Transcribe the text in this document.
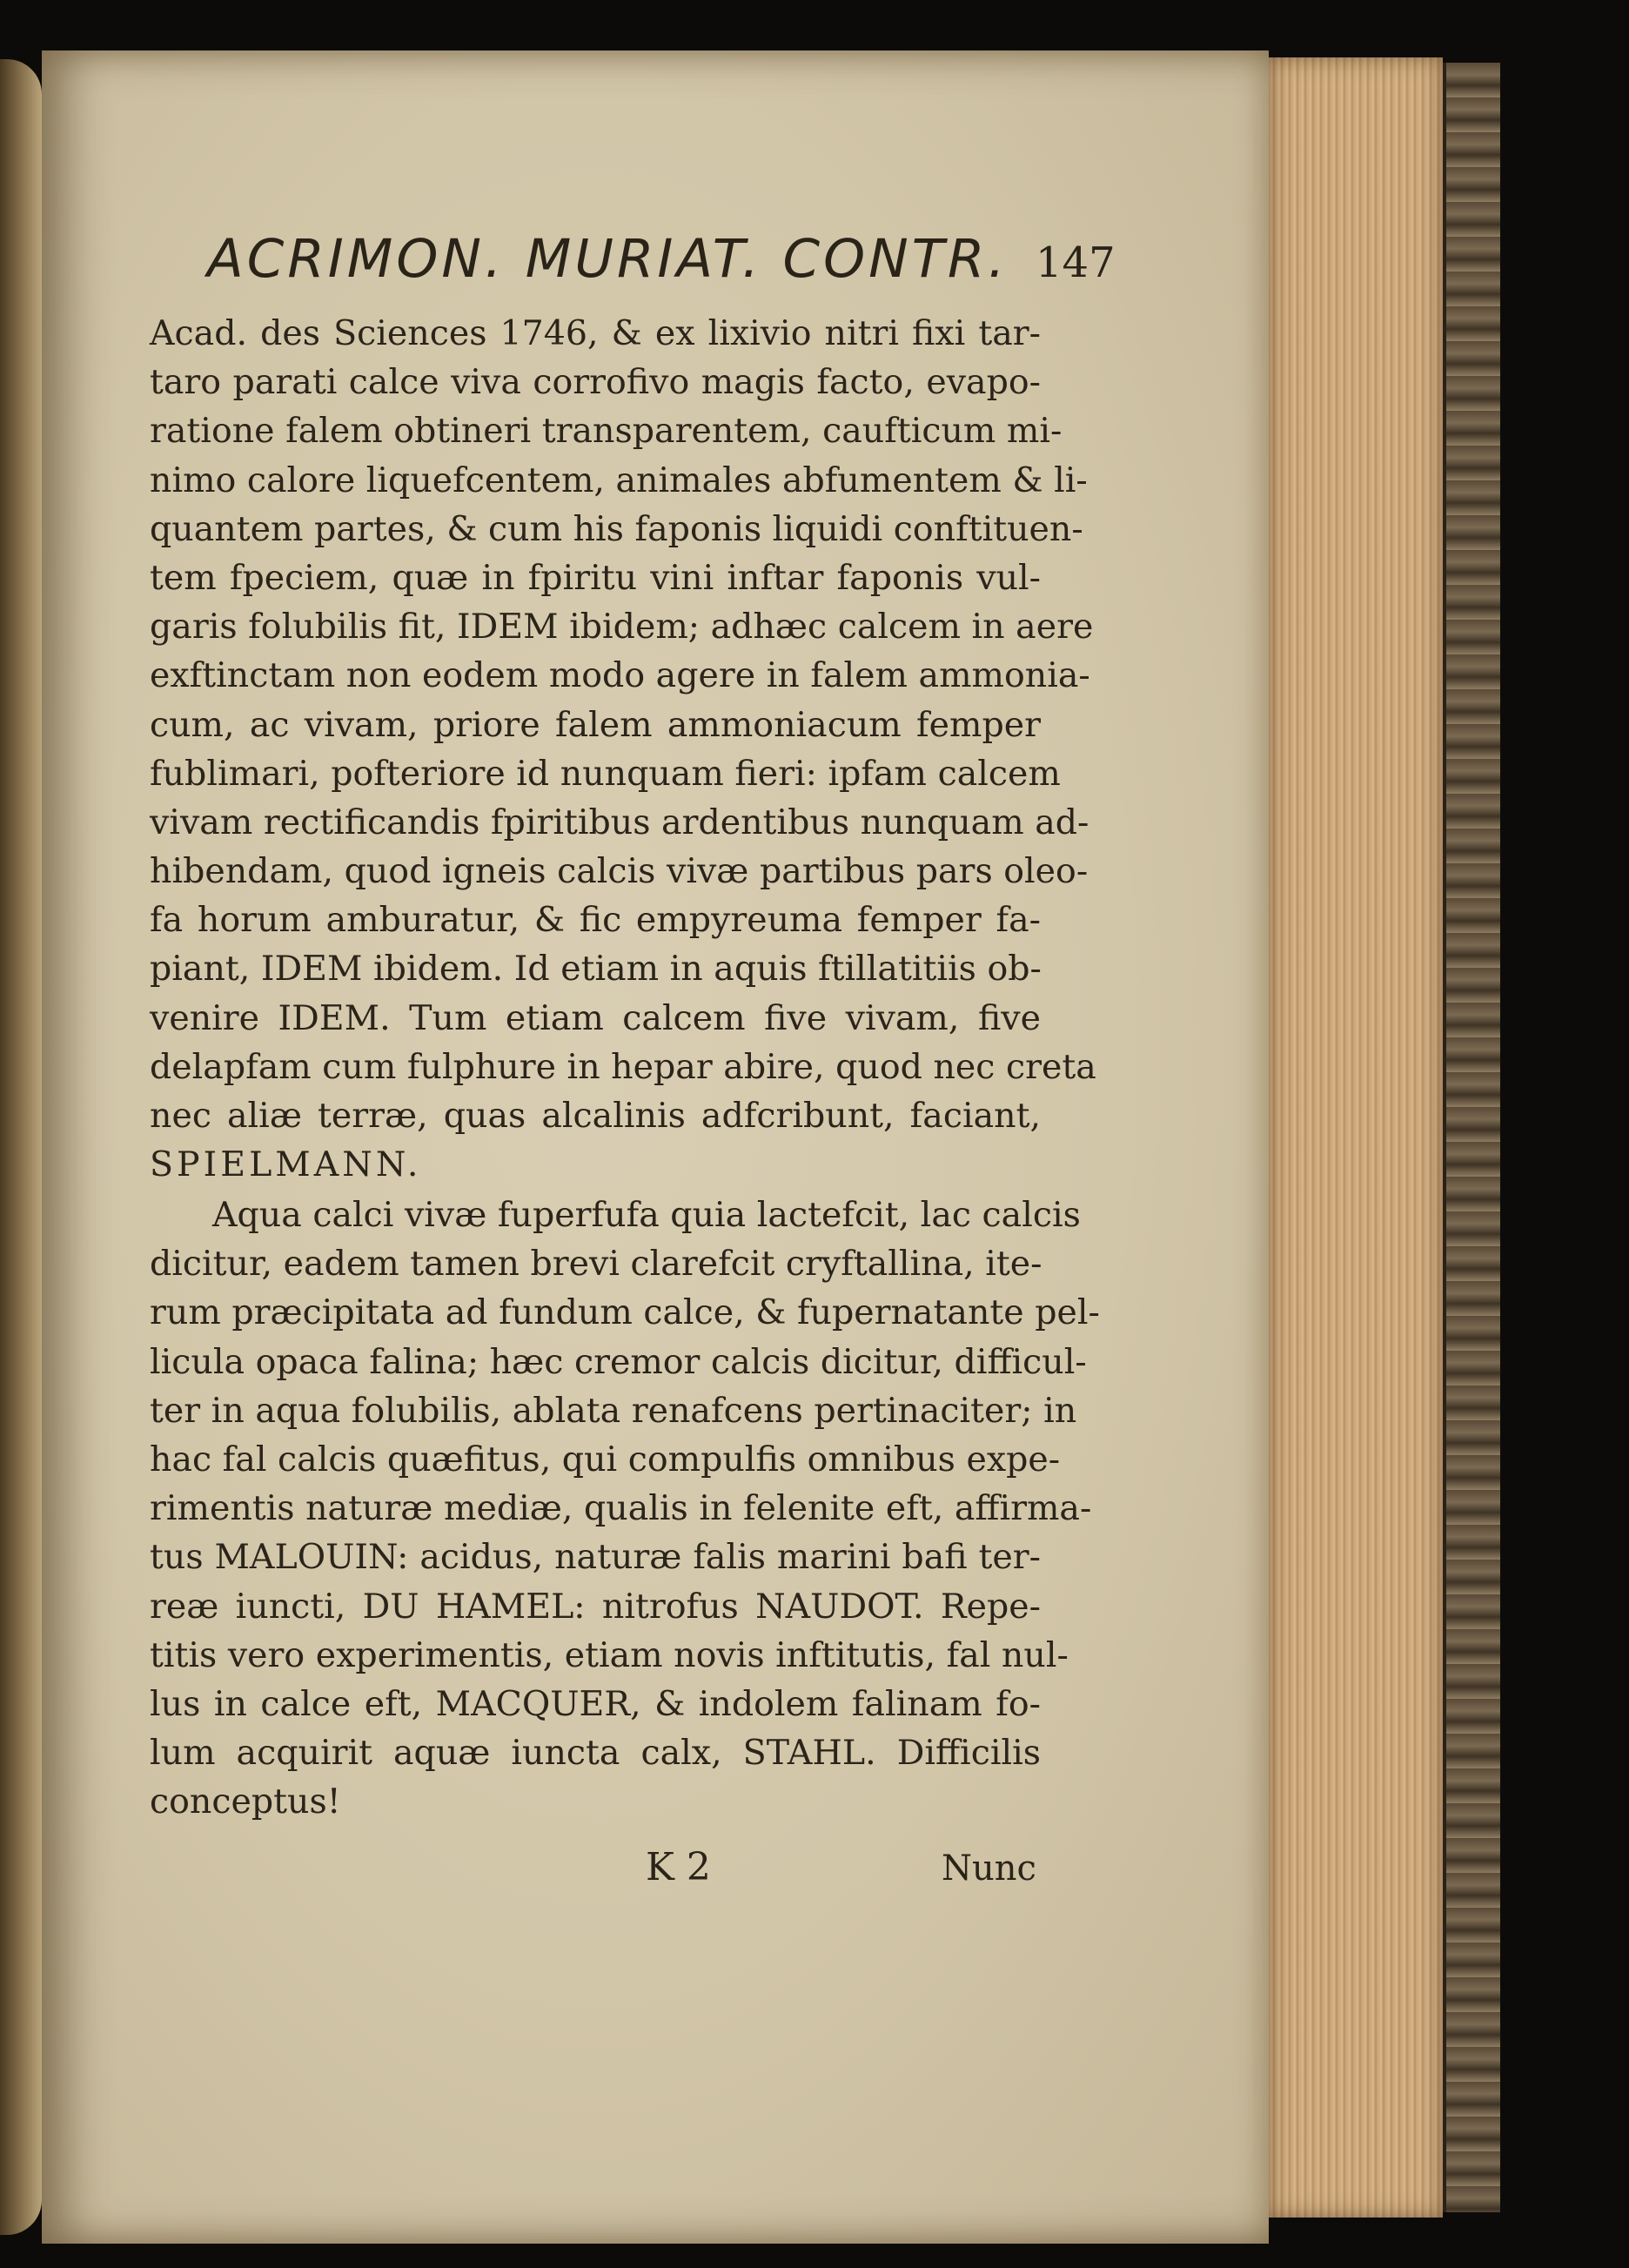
ACRIMON. MURIAT. CONTR. 147
Acad. des Sciences 1746, & ex lixivio nitri fixi tar-
taro parati calce viva corrofivo magis facto, evapo-
ratione falem obtineri transparentem, caufticum mi-
nimo calore liquefcentem, animales abfumentem & li-
quantem partes, & cum his faponis liquidi conftituen-
tem fpeciem, quæ in fpiritu vini inftar faponis vul-
garis folubilis fit, IDEM ibidem; adhæc calcem in aere
exftinctam non eodem modo agere in falem ammonia-
cum, ac vivam, priore falem ammoniacum femper
fublimari, pofteriore id nunquam fieri: ipfam calcem
vivam rectificandis fpiritibus ardentibus nunquam ad-
hibendam, quod igneis calcis vivæ partibus pars oleo-
fa horum amburatur, & fic empyreuma femper fa-
piant, IDEM ibidem. Id etiam in aquis ftillatitiis ob-
venire IDEM. Tum etiam calcem five vivam, five
delapfam cum fulphure in hepar abire, quod nec creta
nec aliæ terræ, quas alcalinis adfcribunt, faciant,
SPIELMANN.
Aqua calci vivæ fuperfufa quia lactefcit, lac calcis
dicitur, eadem tamen brevi clarefcit cryftallina, ite-
rum præcipitata ad fundum calce, & fupernatante pel-
licula opaca falina; hæc cremor calcis dicitur, difficul-
ter in aqua folubilis, ablata renafcens pertinaciter; in
hac fal calcis quæfitus, qui compulfis omnibus expe-
rimentis naturæ mediæ, qualis in felenite eft, affirma-
tus MALOUIN: acidus, naturæ falis marini bafi ter-
reæ iuncti, DU HAMEL: nitrofus NAUDOT. Repe-
titis vero experimentis, etiam novis inftitutis, fal nul-
lus in calce eft, MACQUER, & indolem falinam fo-
lum acquirit aquæ iuncta calx, STAHL. Difficilis
conceptus!
K 2	Nunc
